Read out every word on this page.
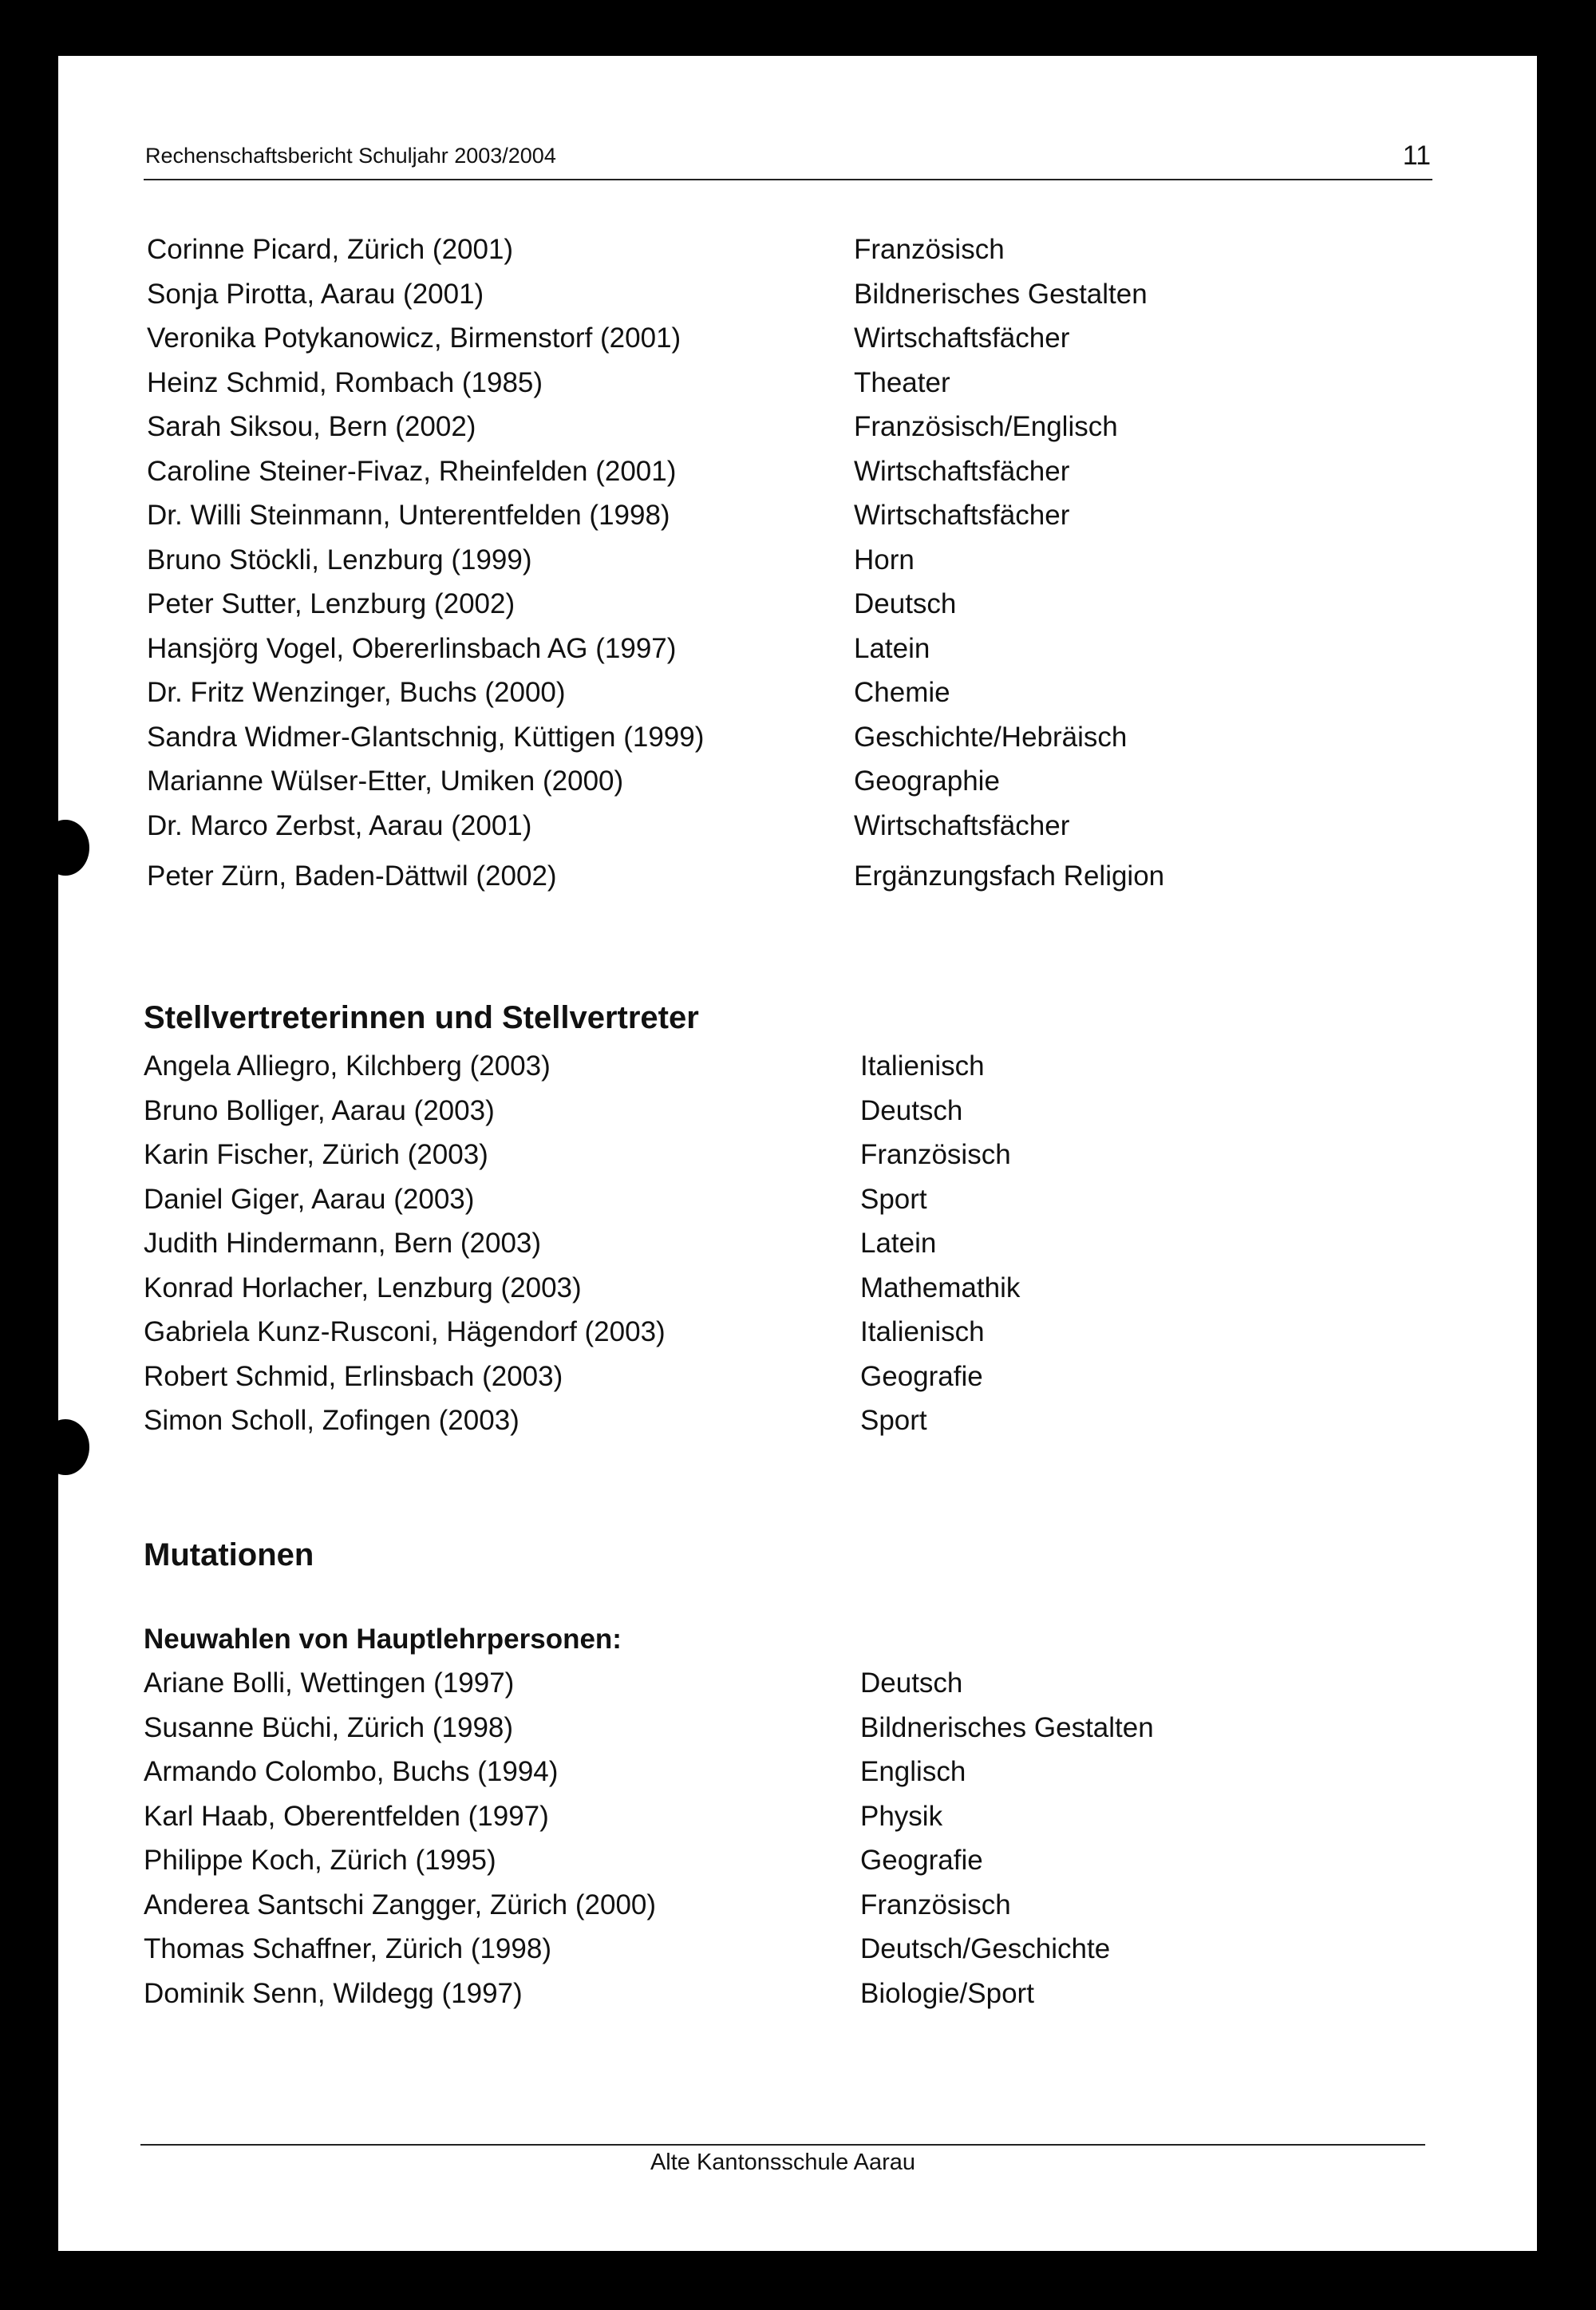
Rechenschaftsbericht Schuljahr 2003/2004	11
Corinne Picard, Zürich (2001)	Französisch
Sonja Pirotta, Aarau (2001)	Bildnerisches Gestalten
Veronika Potykanowicz, Birmenstorf (2001)	Wirtschaftsfächer
Heinz Schmid, Rombach (1985)	Theater
Sarah Siksou, Bern (2002)	Französisch/Englisch
Caroline Steiner-Fivaz, Rheinfelden (2001)	Wirtschaftsfächer
Dr. Willi Steinmann, Unterentfelden (1998)	Wirtschaftsfächer
Bruno Stöckli, Lenzburg (1999)	Horn
Peter Sutter, Lenzburg (2002)	Deutsch
Hansjörg Vogel, Obererlinsbach AG (1997)	Latein
Dr. Fritz Wenzinger, Buchs (2000)	Chemie
Sandra Widmer-Glantschnig, Küttigen (1999)	Geschichte/Hebräisch
Marianne Wülser-Etter, Umiken (2000)	Geographie
Dr. Marco Zerbst, Aarau (2001)	Wirtschaftsfächer
Peter Zürn, Baden-Dättwil (2002)	Ergänzungsfach Religion
Stellvertreterinnen und Stellvertreter
Angela Alliegro, Kilchberg (2003)	Italienisch
Bruno Bolliger, Aarau (2003)	Deutsch
Karin Fischer, Zürich (2003)	Französisch
Daniel Giger, Aarau (2003)	Sport
Judith Hindermann, Bern (2003)	Latein
Konrad Horlacher, Lenzburg (2003)	Mathemathik
Gabriela Kunz-Rusconi, Hägendorf (2003)	Italienisch
Robert Schmid, Erlinsbach (2003)	Geografie
Simon Scholl, Zofingen (2003)	Sport
Mutationen
Neuwahlen von Hauptlehrpersonen:
Ariane Bolli, Wettingen (1997)	Deutsch
Susanne Büchi, Zürich (1998)	Bildnerisches Gestalten
Armando Colombo, Buchs (1994)	Englisch
Karl Haab, Oberentfelden (1997)	Physik
Philippe Koch, Zürich (1995)	Geografie
Anderea Santschi Zangger, Zürich (2000)	Französisch
Thomas Schaffner, Zürich (1998)	Deutsch/Geschichte
Dominik Senn, Wildegg (1997)	Biologie/Sport
Alte Kantonsschule Aarau
